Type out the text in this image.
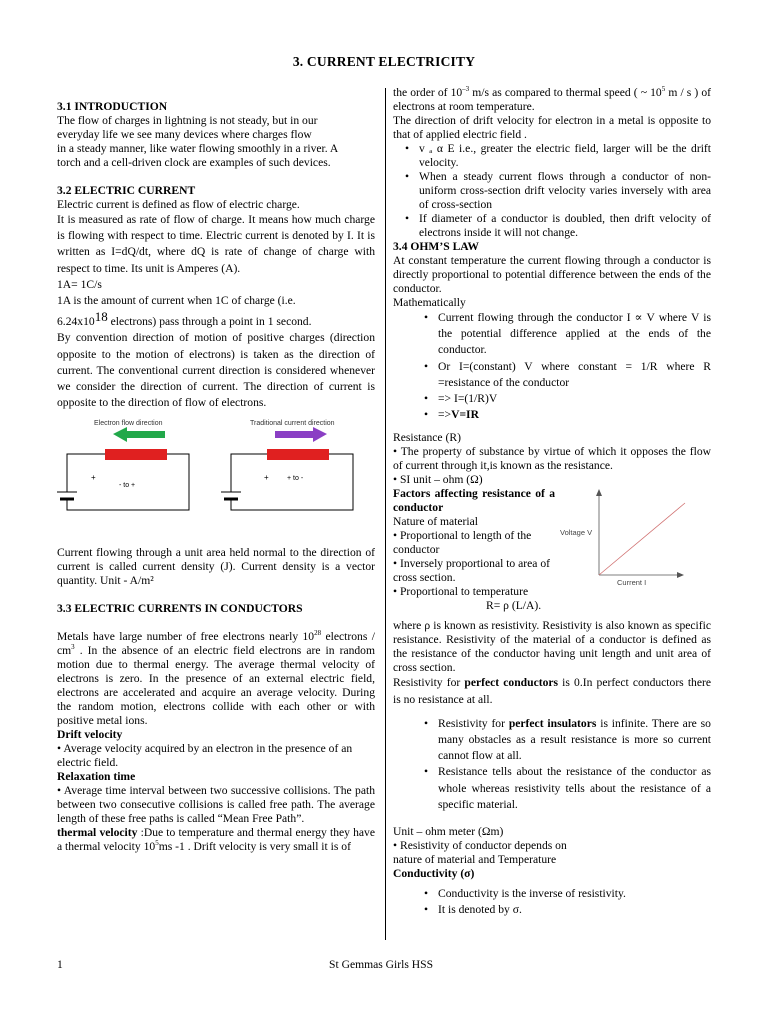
3. CURRENT ELECTRICITY

3.1 INTRODUCTION

The flow of charges in lightning is not steady, but in our

everyday life we see many devices where charges flow

in a steady manner, like water flowing smoothly in a river. A

torch and a cell-driven clock are examples of such devices.

3.2 ELECTRIC CURRENT

Electric current is defined as flow of electric charge.

It is measured as rate of flow of charge. It means how much charge is flowing with respect to time. Electric current is denoted by I. It is written as I=dQ/dt, where dQ is rate of change of charge with respect to time. Its unit is Amperes (A).

1A= 1C/s

1A is the amount of current when 1C of charge (i.e.

6.24x1018 electrons) pass through a point in 1 second.

By convention direction of motion of positive charges (direction opposite to the motion of electrons) is taken as the direction of current. The conventional current direction is considered whenever we consider the direction of current. The direction of current is opposite to the direction of flow of electrons.

Electron flow direction
+
- to +
Traditional current direction
+	+ to -

Current flowing through a unit area held normal to the direction of current is called current density (J). Current density is a vector quantity. Unit - A/m²

3.3 ELECTRIC CURRENTS IN CONDUCTORS

Metals have large number of free electrons nearly $10^{28}$ electrons / $cm^3$ . In the absence of an electric field electrons are in random motion due to thermal energy. The average thermal velocity of electrons is zero. In the presence of an external electric field, electrons are accelerated and acquire an average velocity. During the random motion, electrons collide with each other or with positive metal ions.

Drift velocity

• Average velocity acquired by an electron in the presence of an electric field.

Relaxation time

• Average time interval between two successive collisions. The path between two consecutive collisions is called free path. The average length of these free paths is called “Mean Free Path”.

thermal velocity :Due to temperature and thermal energy they have a thermal velocity $10^5ms$ -1 . Drift velocity is very small it is of

the order of $10^{-3}$ m/s as compared to thermal speed ( ~ $10^5$ m / s ) of electrons at room temperature.

The direction of drift velocity for electron in a metal is opposite to that of applied electric field .

• v ₐ α E i.e., greater the electric field, larger will be the drift velocity.
• When a steady current flows through a conductor of non-uniform cross-section drift velocity varies inversely with area of cross-section
• If diameter of a conductor is doubled, then drift velocity of electrons inside it will not change.

3.4 OHM’S LAW

At constant temperature the current flowing through a conductor is directly proportional to potential difference between the ends of the conductor.

Mathematically

• Current flowing through the conductor I ∝ V where V is the potential difference applied at the ends of the conductor.
• Or I=(constant) V where constant = 1/R where R =resistance of the conductor
• => I=(1/R)V
• =>V=IR

Resistance (R)

• The property of substance by virtue of which it opposes the flow of current through it,is known as the resistance.

• SI unit – ohm (Ω)

Factors affecting resistance of a conductor

Nature of material

• Proportional to length of the conductor

• Inversely proportional to area of cross section.

• Proportional to temperature

R= ρ (L/A).

Voltage V
Current I

where ρ is known as resistivity. Resistivity is also known as specific resistance. Resistivity of the material of a conductor is defined as the resistance of the conductor having unit length and unit area of cross section.

Resistivity for perfect conductors is 0.In perfect conductors there is no resistance at all.

• Resistivity for perfect insulators is infinite. There are so many obstacles as a result resistance is more so current cannot flow at all.
• Resistance tells about the resistance of the conductor as whole whereas resistivity tells about the resistance of a specific material.

Unit – ohm meter (Ωm)

• Resistivity of conductor depends on

nature of material and Temperature

Conductivity (σ)

• Conductivity is the inverse of resistivity.
• It is denoted by σ.
1	St Gemmas Girls HSS
